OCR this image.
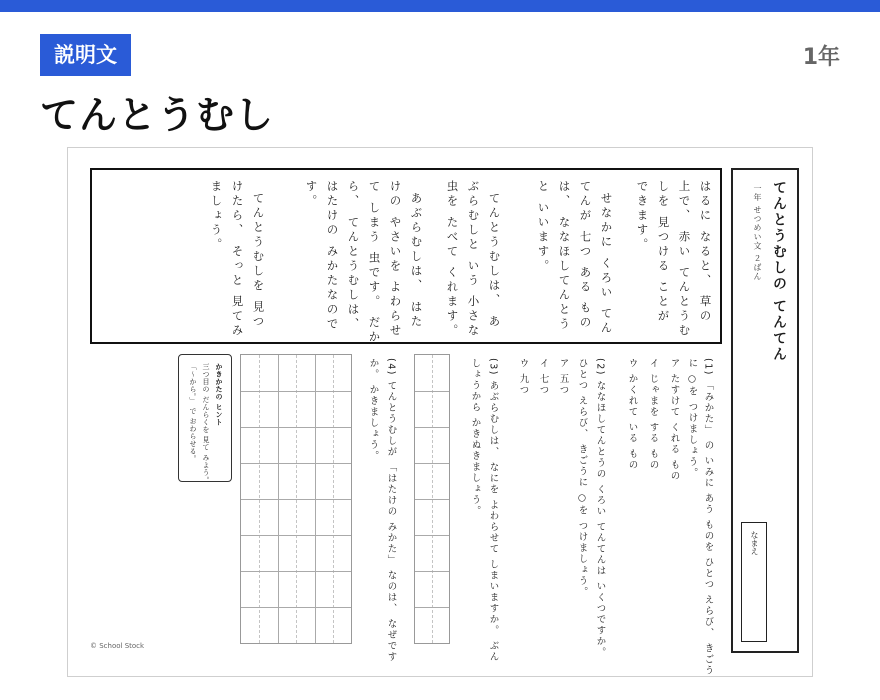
説明文	1年
てんとうむし
てんとうむしの てんてん
一年 せつめい文 ２ばん
なまえ
はるに なると、 草の
上で、 赤い てんとうむ
しを 見つける ことが
できます。
せなかに くろい てん
てんが 七つ ある もの
は、 ななほしてんとう
と いいます。
てんとうむしは、 あ
ぶらむしと いう 小さな
虫を たべて くれます。
あぶらむしは、 はた
けの やさいを よわらせ
て しまう 虫です。 だか
ら、 てんとうむしは、
はたけの みかたなので
す。
てんとうむしを 見つ
けたら、 そっと 見てみ
ましょう。
(1) 「みかた」 の いみに あう ものを ひとつ えらび、 きごう
に ○を つけましょう。
ア たすけて くれる もの
イ じゃまを する もの
ウ かくれて いる もの
(2) ななほしてんとうの くろい てんてんは いくつですか。
ひとつ えらび、 きごうに ○を つけましょう。
ア 五つ
イ 七つ
ウ 九つ
(3) あぶらむしは、 なにを よわらせて しまいますか。 ぶん
しょうから かきぬきましょう。
(4) てんとうむしが 「はたけの みかた」 なのは、 なぜです
か。 かきましょう。
かきかたの ヒント
三つ目の だんらくを 見て みよう。
「〜から。」 で おわらせる。
© School Stock
